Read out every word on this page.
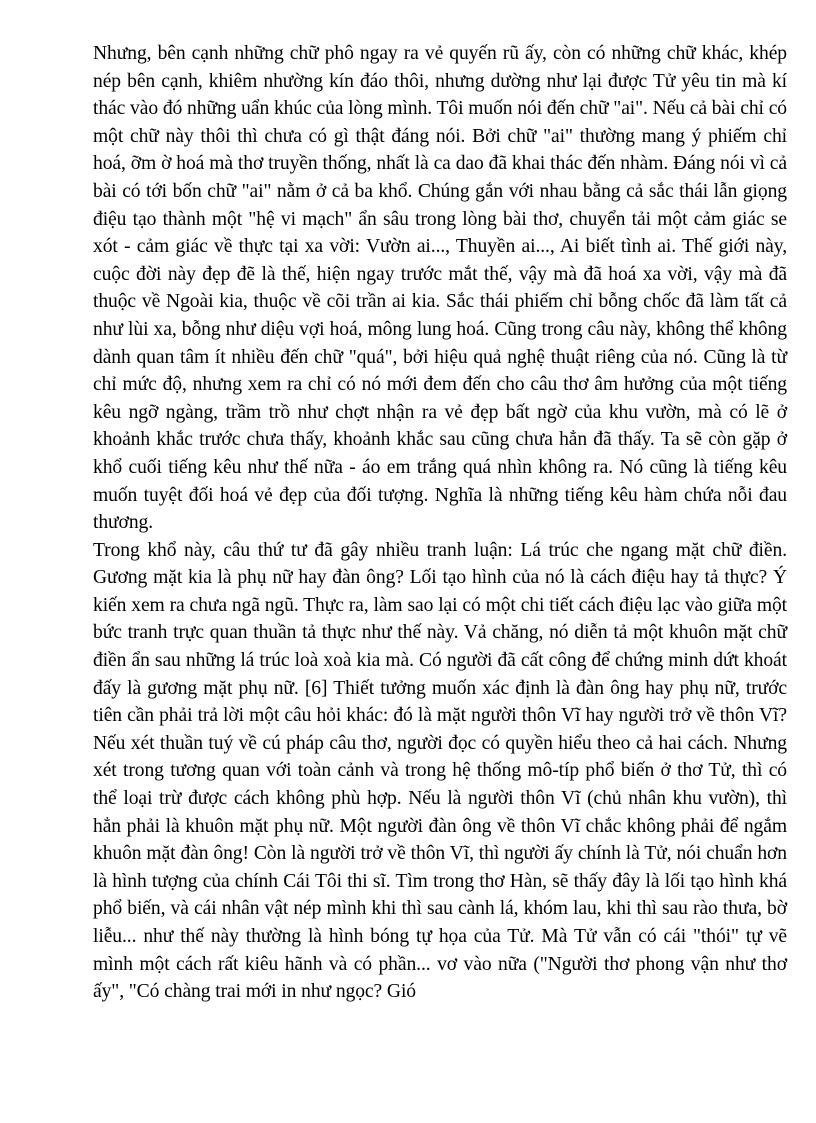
Nhưng, bên cạnh những chữ phô ngay ra vẻ quyến rũ ấy, còn có những chữ khác, khép nép bên cạnh, khiêm nhường kín đáo thôi, nhưng dường như lại được Tử yêu tin mà kí thác vào đó những uẩn khúc của lòng mình. Tôi muốn nói đến chữ "ai". Nếu cả bài chỉ có một chữ này thôi thì chưa có gì thật đáng nói. Bởi chữ "ai" thường mang ý phiếm chỉ hoá, ỡm ờ hoá mà thơ truyền thống, nhất là ca dao đã khai thác đến nhàm. Đáng nói vì cả bài có tới bốn chữ "ai" nằm ở cả ba khổ. Chúng gắn với nhau bằng cả sắc thái lẫn giọng điệu tạo thành một "hệ vi mạch" ẩn sâu trong lòng bài thơ, chuyển tải một cảm giác se xót - cảm giác về thực tại xa vời: Vườn ai..., Thuyền ai..., Ai biết tình ai. Thế giới này, cuộc đời này đẹp đẽ là thế, hiện ngay trước mắt thế, vậy mà đã hoá xa vời, vậy mà đã thuộc về Ngoài kia, thuộc về cõi trần ai kia. Sắc thái phiếm chỉ bỗng chốc đã làm tất cả như lùi xa, bỗng như diệu vợi hoá, mông lung hoá. Cũng trong câu này, không thể không dành quan tâm ít nhiều đến chữ "quá", bởi hiệu quả nghệ thuật riêng của nó. Cũng là từ chỉ mức độ, nhưng xem ra chỉ có nó mới đem đến cho câu thơ âm hưởng của một tiếng kêu ngỡ ngàng, trầm trồ như chợt nhận ra vẻ đẹp bất ngờ của khu vườn, mà có lẽ ở khoảnh khắc trước chưa thấy, khoảnh khắc sau cũng chưa hẳn đã thấy. Ta sẽ còn gặp ở khổ cuối tiếng kêu như thế nữa - áo em trắng quá nhìn không ra. Nó cũng là tiếng kêu muốn tuyệt đối hoá vẻ đẹp của đối tượng. Nghĩa là những tiếng kêu hàm chứa nỗi đau thương.

Trong khổ này, câu thứ tư đã gây nhiều tranh luận: Lá trúc che ngang mặt chữ điền. Gương mặt kia là phụ nữ hay đàn ông? Lối tạo hình của nó là cách điệu hay tả thực? Ý kiến xem ra chưa ngã ngũ. Thực ra, làm sao lại có một chi tiết cách điệu lạc vào giữa một bức tranh trực quan thuần tả thực như thế này. Vả chăng, nó diễn tả một khuôn mặt chữ điền ẩn sau những lá trúc loà xoà kia mà. Có người đã cất công để chứng minh dứt khoát đấy là gương mặt phụ nữ. [6] Thiết tưởng muốn xác định là đàn ông hay phụ nữ, trước tiên cần phải trả lời một câu hỏi khác: đó là mặt người thôn Vĩ hay người trở về thôn Vĩ? Nếu xét thuần tuý về cú pháp câu thơ, người đọc có quyền hiểu theo cả hai cách. Nhưng xét trong tương quan với toàn cảnh và trong hệ thống mô-típ phổ biến ở thơ Tử, thì có thể loại trừ được cách không phù hợp. Nếu là người thôn Vĩ (chủ nhân khu vườn), thì hẳn phải là khuôn mặt phụ nữ. Một người đàn ông về thôn Vĩ chắc không phải để ngắm khuôn mặt đàn ông! Còn là người trở về thôn Vĩ, thì người ấy chính là Tử, nói chuẩn hơn là hình tượng của chính Cái Tôi thi sĩ. Tìm trong thơ Hàn, sẽ thấy đây là lối tạo hình khá phổ biến, và cái nhân vật nép mình khi thì sau cành lá, khóm lau, khi thì sau rào thưa, bờ liễu... như thế này thường là hình bóng tự họa của Tử. Mà Tử vẫn có cái "thói" tự vẽ mình một cách rất kiêu hãnh và có phần... vơ vào nữa ("Người thơ phong vận như thơ ấy", "Có chàng trai mới in như ngọc? Gió
